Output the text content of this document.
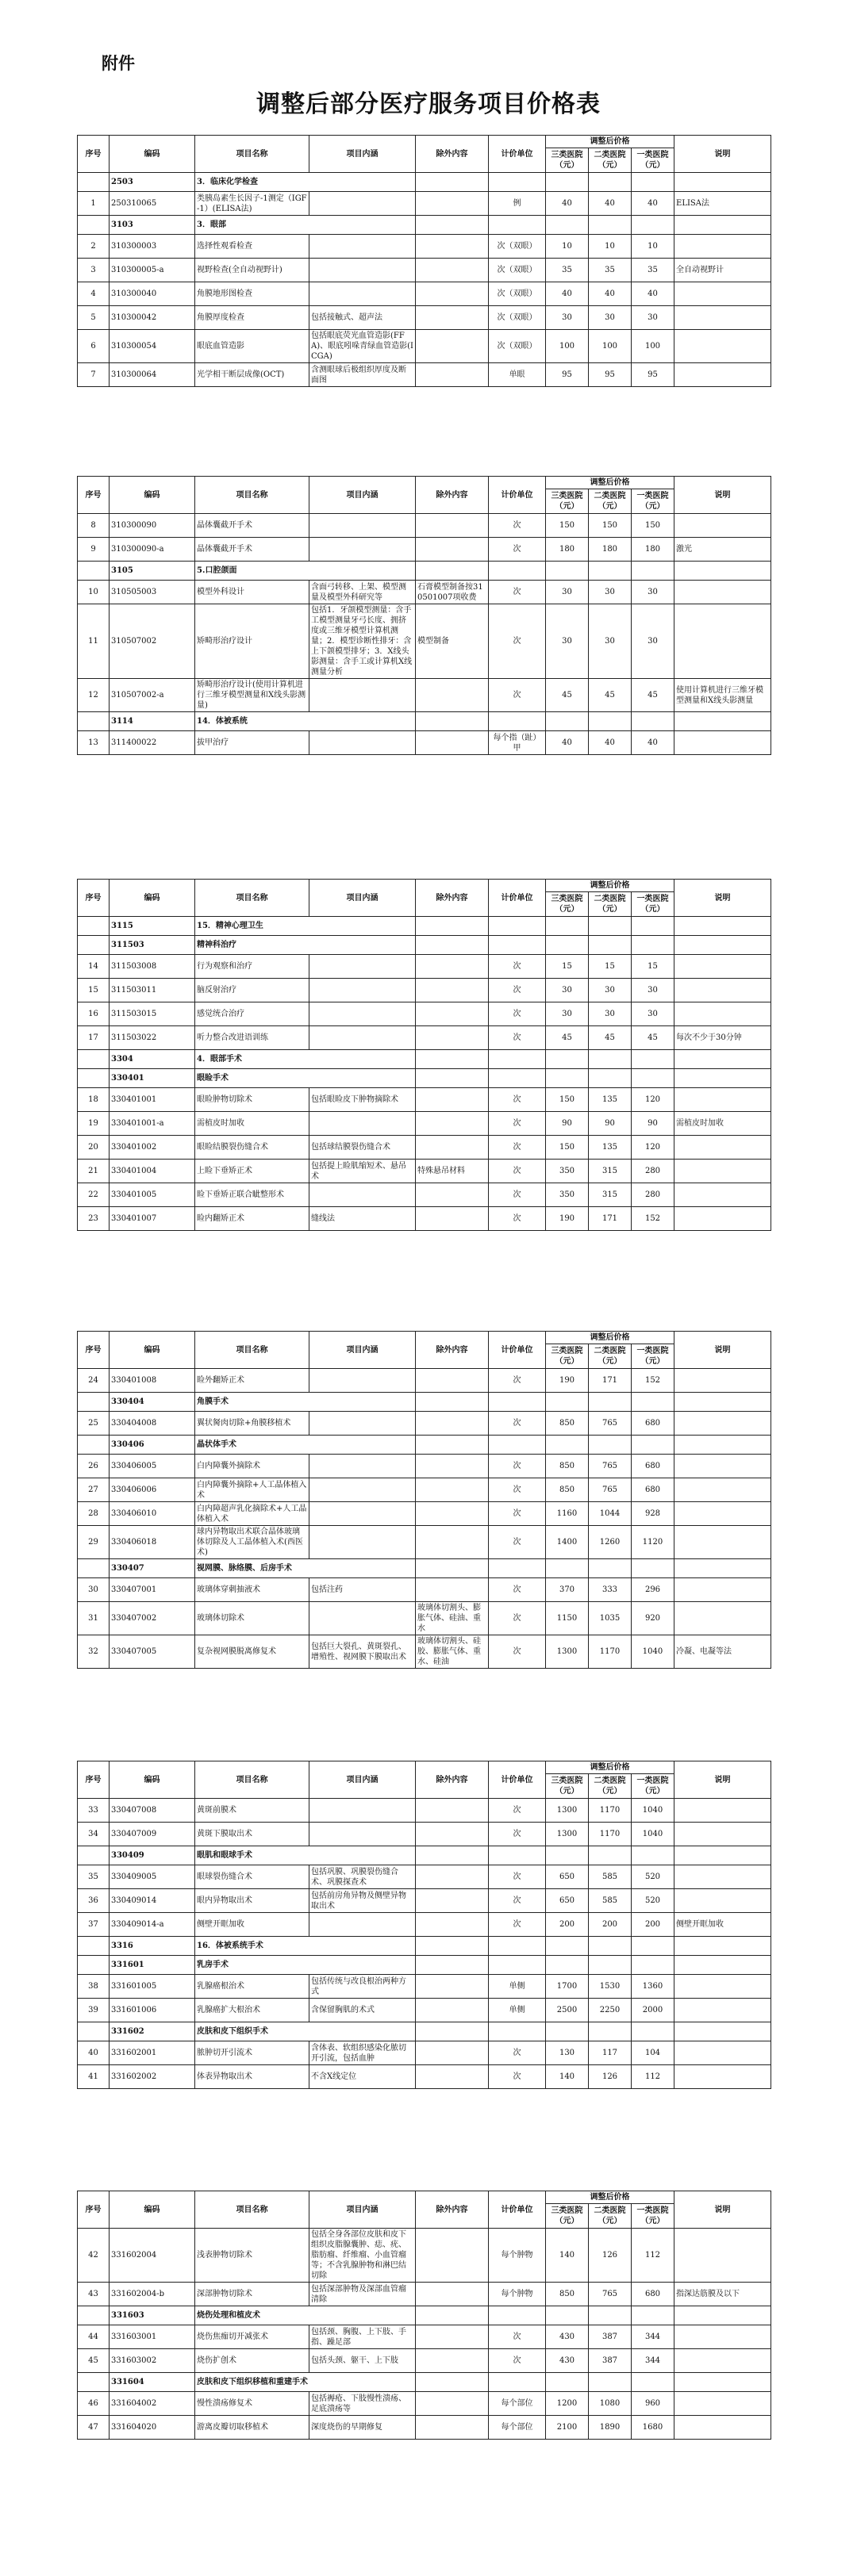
附件
调整后部分医疗服务项目价格表
序号	编码	项目名称	项目内涵	除外内容	计价单位	调整后价格			说明
						三类医院（元）	二类医院（元）	一类医院（元）	
	2503	3．临床化学检查							
1	250310065	类胰岛素生长因子-1测定（IGF-1）(ELISA法)			例	40	40	40	ELISA法
	3103	3．眼部							
2	310300003	选择性观看检查			次（双眼）	10	10	10	
3	310300005-a	视野检查(全自动视野计)			次（双眼）	35	35	35	全自动视野计
4	310300040	角膜地形图检查			次（双眼）	40	40	40	
5	310300042	角膜厚度检查	包括接触式、超声法		次（双眼）	30	30	30	
6	310300054	眼底血管造影	包括眼底荧光血管造影(FFA)、眼底吲哚青绿血管造影(ICGA)		次（双眼）	100	100	100	
7	310300064	光学相干断层成像(OCT)	含测眼球后极组织厚度及断面图		单眼	95	95	95	
序号	编码	项目名称	项目内涵	除外内容	计价单位	调整后价格			说明
						三类医院（元）	二类医院（元）	一类医院（元）	
8	310300090	晶体囊截开手术			次	150	150	150	
9	310300090-a	晶体囊截开手术			次	180	180	180	激光
	3105	5.口腔颌面							
10	310505003	模型外科设计	含面弓转移、上架、模型测量及模型外科研究等	石膏模型制备按310501007项收费	次	30	30	30	
11	310507002	矫畸形治疗设计	包括1．牙颌模型测量：含手工模型测量牙弓长度、拥挤度或三维牙模型计算机测量；2．模型诊断性排牙：含上下颌模型排牙；3．X线头影测量：含手工或计算机X线测量分析	模型制备	次	30	30	30	
12	310507002-a	矫畸形治疗设计(使用计算机进行三维牙模型测量和X线头影测量)			次	45	45	45	使用计算机进行三维牙模型测量和X线头影测量
	3114	14．体被系统							
13	311400022	拔甲治疗			每个指（趾）甲	40	40	40	
序号	编码	项目名称	项目内涵	除外内容	计价单位	调整后价格			说明
						三类医院（元）	二类医院（元）	一类医院（元）	
	3115	15．精神心理卫生							
	311503	精神科治疗							
14	311503008	行为观察和治疗			次	15	15	15	
15	311503011	脑反射治疗			次	30	30	30	
16	311503015	感觉统合治疗			次	30	30	30	
17	311503022	听力整合改进语训练			次	45	45	45	每次不少于30分钟
	3304	4．眼部手术							
	330401	眼睑手术							
18	330401001	眼睑肿物切除术	包括眼睑皮下肿物摘除术		次	150	135	120	
19	330401001-a	需植皮时加收			次	90	90	90	需植皮时加收
20	330401002	眼睑结膜裂伤缝合术	包括球结膜裂伤缝合术		次	150	135	120	
21	330401004	上睑下垂矫正术	包括提上睑肌缩短术、悬吊术	特殊悬吊材料	次	350	315	280	
22	330401005	睑下垂矫正联合眦整形术			次	350	315	280	
23	330401007	睑内翻矫正术	缝线法		次	190	171	152	
序号	编码	项目名称	项目内涵	除外内容	计价单位	调整后价格			说明
						三类医院（元）	二类医院（元）	一类医院（元）	
24	330401008	睑外翻矫正术			次	190	171	152	
	330404	角膜手术							
25	330404008	翼状胬肉切除+角膜移植术			次	850	765	680	
	330406	晶状体手术							
26	330406005	白内障囊外摘除术			次	850	765	680	
27	330406006	白内障囊外摘除+人工晶体植入术			次	850	765	680	
28	330406010	白内障超声乳化摘除术+人工晶体植入术			次	1160	1044	928	
29	330406018	球内异物取出术联合晶体玻璃体切除及人工晶体植入术(西医术)			次	1400	1260	1120	
	330407	视网膜、脉络膜、后房手术							
30	330407001	玻璃体穿刺抽液术	包括注药		次	370	333	296	
31	330407002	玻璃体切除术		玻璃体切割头、膨胀气体、硅油、重水	次	1150	1035	920	
32	330407005	复杂视网膜脱离修复术	包括巨大裂孔、黄斑裂孔、增殖性、视网膜下膜取出术	玻璃体切割头、硅胶、膨胀气体、重水、硅油	次	1300	1170	1040	冷凝、电凝等法
序号	编码	项目名称	项目内涵	除外内容	计价单位	调整后价格			说明
						三类医院（元）	二类医院（元）	一类医院（元）	
33	330407008	黄斑前膜术			次	1300	1170	1040	
34	330407009	黄斑下膜取出术			次	1300	1170	1040	
	330409	眼肌和眼球手术							
35	330409005	眼球裂伤缝合术	包括巩膜、巩膜裂伤缝合术、巩膜探查术		次	650	585	520	
36	330409014	眼内异物取出术	包括前房角异物及侧壁异物取出术		次	650	585	520	
37	330409014-a	侧壁开眶加收			次	200	200	200	侧壁开眶加收
	3316	16．体被系统手术							
	331601	乳房手术							
38	331601005	乳腺癌根治术	包括传统与改良根治两种方式		单侧	1700	1530	1360	
39	331601006	乳腺癌扩大根治术	含保留胸肌的术式		单侧	2500	2250	2000	
	331602	皮肤和皮下组织手术							
40	331602001	脓肿切开引流术	含体表、软组织感染化脓切开引流，包括血肿		次	130	117	104	
41	331602002	体表异物取出术	不含X线定位		次	140	126	112	
序号	编码	项目名称	项目内涵	除外内容	计价单位	调整后价格			说明
						三类医院（元）	二类医院（元）	一类医院（元）	
42	331602004	浅表肿物切除术	包括全身各部位皮肤和皮下组织皮脂腺囊肿、痣、疣、脂肪瘤、纤维瘤、小血管瘤等；不含乳腺肿物和淋巴结切除		每个肿物	140	126	112	
43	331602004-b	深部肿物切除术	包括深部肿物及深部血管瘤清除		每个肿物	850	765	680	指深达筋膜及以下
	331603	烧伤处理和植皮术							
44	331603001	烧伤焦痂切开减张术	包括颈、胸腹、上下肢、手指、躁足部		次	430	387	344	
45	331603002	烧伤扩创术	包括头颈、躯干、上下肢		次	430	387	344	
	331604	皮肤和皮下组织移植和重建手术							
46	331604002	慢性溃疡修复术	包括褥疮、下肢慢性溃疡、足底溃疡等		每个部位	1200	1080	960	
47	331604020	游离皮瓣切取移植术	深度烧伤的早期修复		每个部位	2100	1890	1680	
